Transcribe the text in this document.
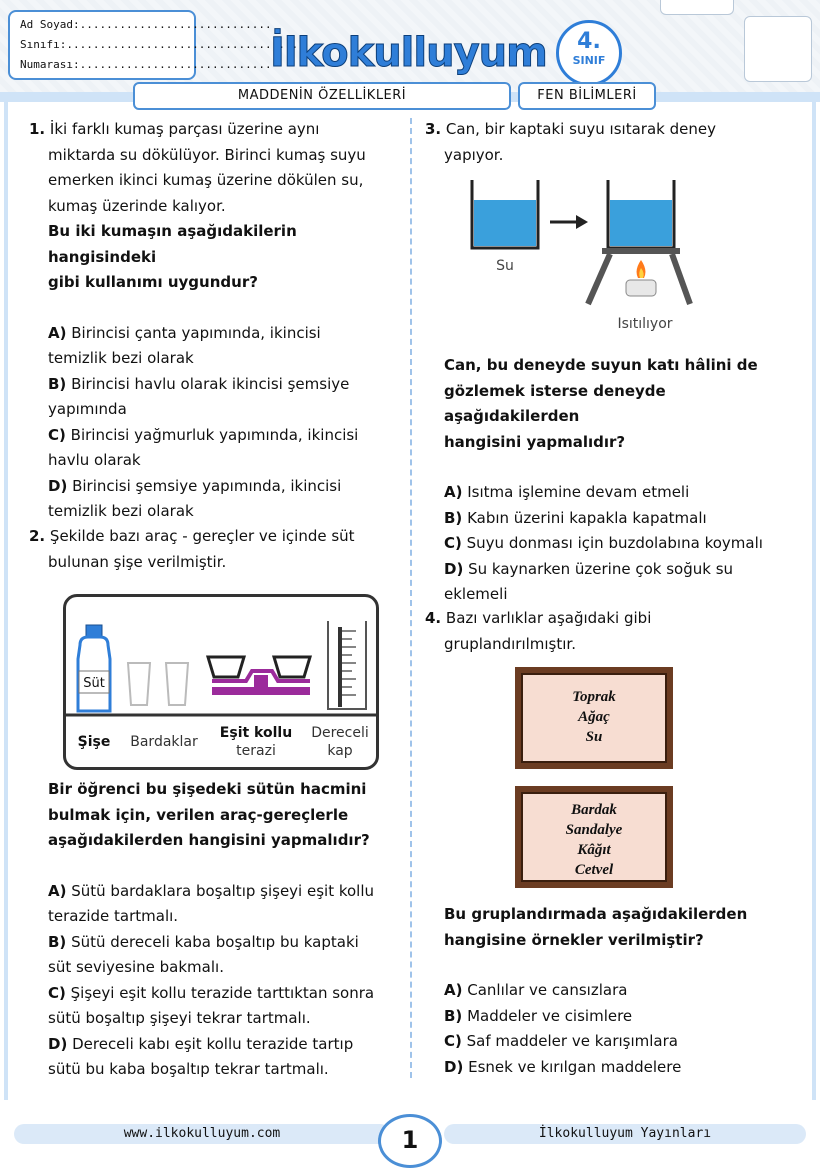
Ad Soyad:.............................
Sınıfı:...................................
Numarası:.............................
İlkokulluyum	4.
SINIF
MADDENİN ÖZELLİKLERİ	FEN BİLİMLERİ
1. İki farklı kumaş parçası üzerine aynı
miktarda su dökülüyor. Birinci kumaş suyu
emerken ikinci kumaş üzerine dökülen su,
kumaş üzerinde kalıyor.
Bu iki kumaşın aşağıdakilerin hangisindeki
gibi kullanımı uygundur?
A) Birincisi çanta yapımında, ikincisi
temizlik bezi olarak
B) Birincisi havlu olarak ikincisi şemsiye
yapımında
C) Birincisi yağmurluk yapımında, ikincisi
havlu olarak
D) Birincisi şemsiye yapımında, ikincisi
temizlik bezi olarak
2. Şekilde bazı araç - gereçler ve içinde süt
bulunan şişe verilmiştir.
Süt
Şişe Bardaklar
Eşit kollu
terazi
Dereceli
kap
Bir öğrenci bu şişedeki sütün hacmini
bulmak için, verilen araç-gereçlerle
aşağıdakilerden hangisini yapmalıdır?
A) Sütü bardaklara boşaltıp şişeyi eşit kollu
terazide tartmalı.
B) Sütü dereceli kaba boşaltıp bu kaptaki
süt seviyesine bakmalı.
C) Şişeyi eşit kollu terazide tarttıktan sonra
sütü boşaltıp şişeyi tekrar tartmalı.
D) Dereceli kabı eşit kollu terazide tartıp
sütü bu kaba boşaltıp tekrar tartmalı.
3. Can, bir kaptaki suyu ısıtarak deney
yapıyor.
Su
Isıtılıyor
Can, bu deneyde suyun katı hâlini de
gözlemek isterse deneyde aşağıdakilerden
hangisini yapmalıdır?
A) Isıtma işlemine devam etmeli
B) Kabın üzerini kapakla kapatmalı
C) Suyu donması için buzdolabına koymalı
D) Su kaynarken üzerine çok soğuk su
eklemeli
4. Bazı varlıklar aşağıdaki gibi
gruplandırılmıştır.
Toprak
Ağaç
Su
Bardak
Sandalye
Kâğıt
Cetvel
Bu gruplandırmada aşağıdakilerden
hangisine örnekler verilmiştir?
A) Canlılar ve cansızlara
B) Maddeler ve cisimlere
C) Saf maddeler ve karışımlara
D) Esnek ve kırılgan maddelere
www.ilkokulluyum.com	İlkokulluyum Yayınları
1
